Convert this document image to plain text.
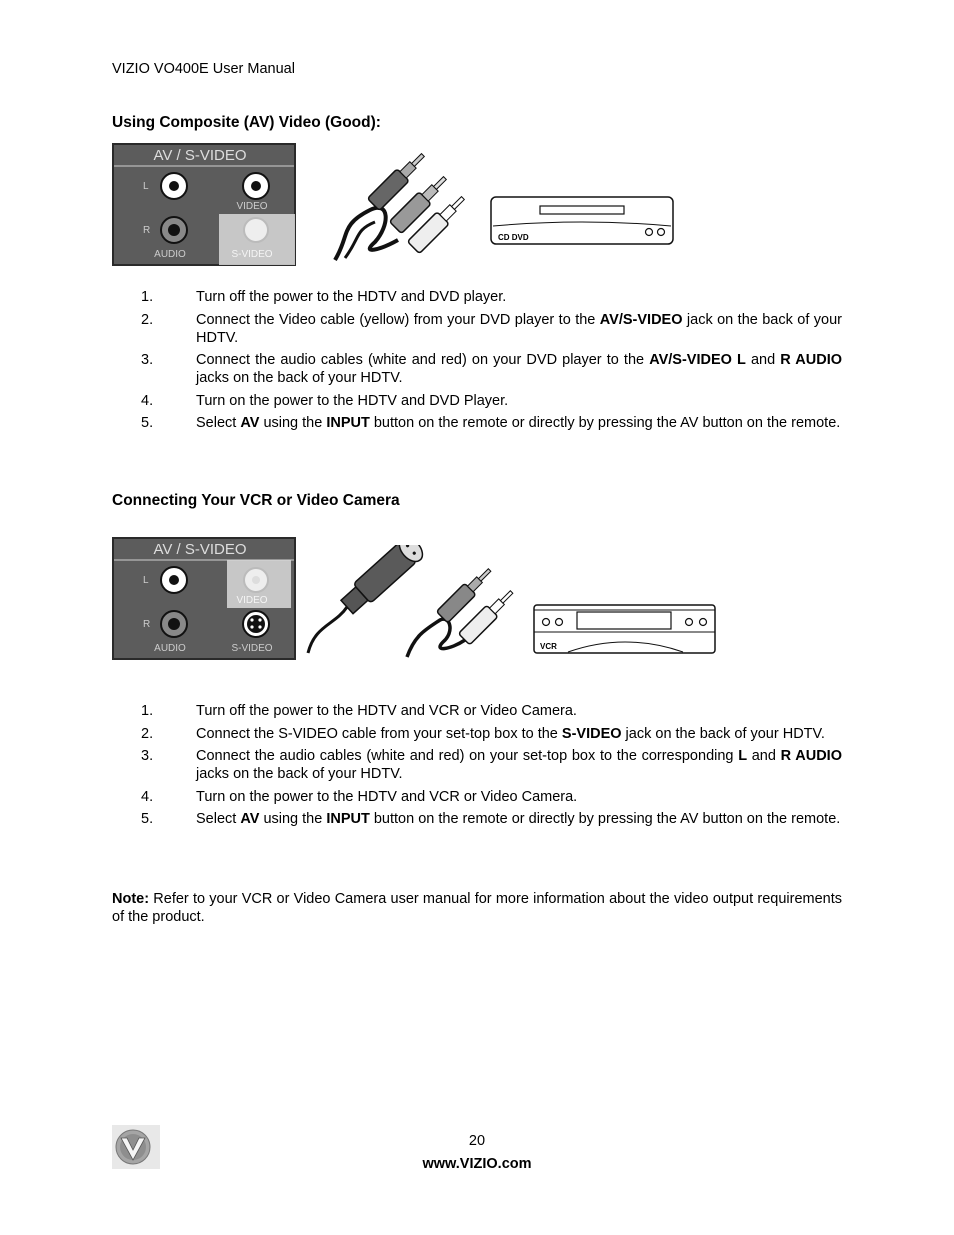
VIZIO VO400E User Manual
Using Composite (AV) Video (Good):
AV / S-VIDEO
L
R
VIDEO
AUDIO	S-VIDEO
CD DVD
1.	Turn off the power to the HDTV and DVD player.
2.	Connect the Video cable (yellow) from your DVD player to the AV/S-VIDEO jack on the back of your HDTV.
3.	Connect the audio cables (white and red) on your DVD player to the AV/S-VIDEO L and R AUDIO jacks on the back of your HDTV.
4.	Turn on the power to the HDTV and DVD Player.
5.	Select AV using the INPUT button on the remote or directly by pressing the AV button on the remote.
Connecting Your VCR or Video Camera
AV / S-VIDEO
L
R
VIDEO
AUDIO	S-VIDEO	VCR
1.	Turn off the power to the HDTV and VCR or Video Camera.
2.	Connect the S-VIDEO cable from your set-top box to the S-VIDEO jack on the back of your HDTV.
3.	Connect the audio cables (white and red) on your set-top box to the corresponding L and R AUDIO jacks on the back of your HDTV.
4.	Turn on the power to the HDTV and VCR or Video Camera.
5.	Select AV using the INPUT button on the remote or directly by pressing the AV button on the remote.
Note: Refer to your VCR or Video Camera user manual for more information about the video output requirements of the product.
20
www.VIZIO.com
